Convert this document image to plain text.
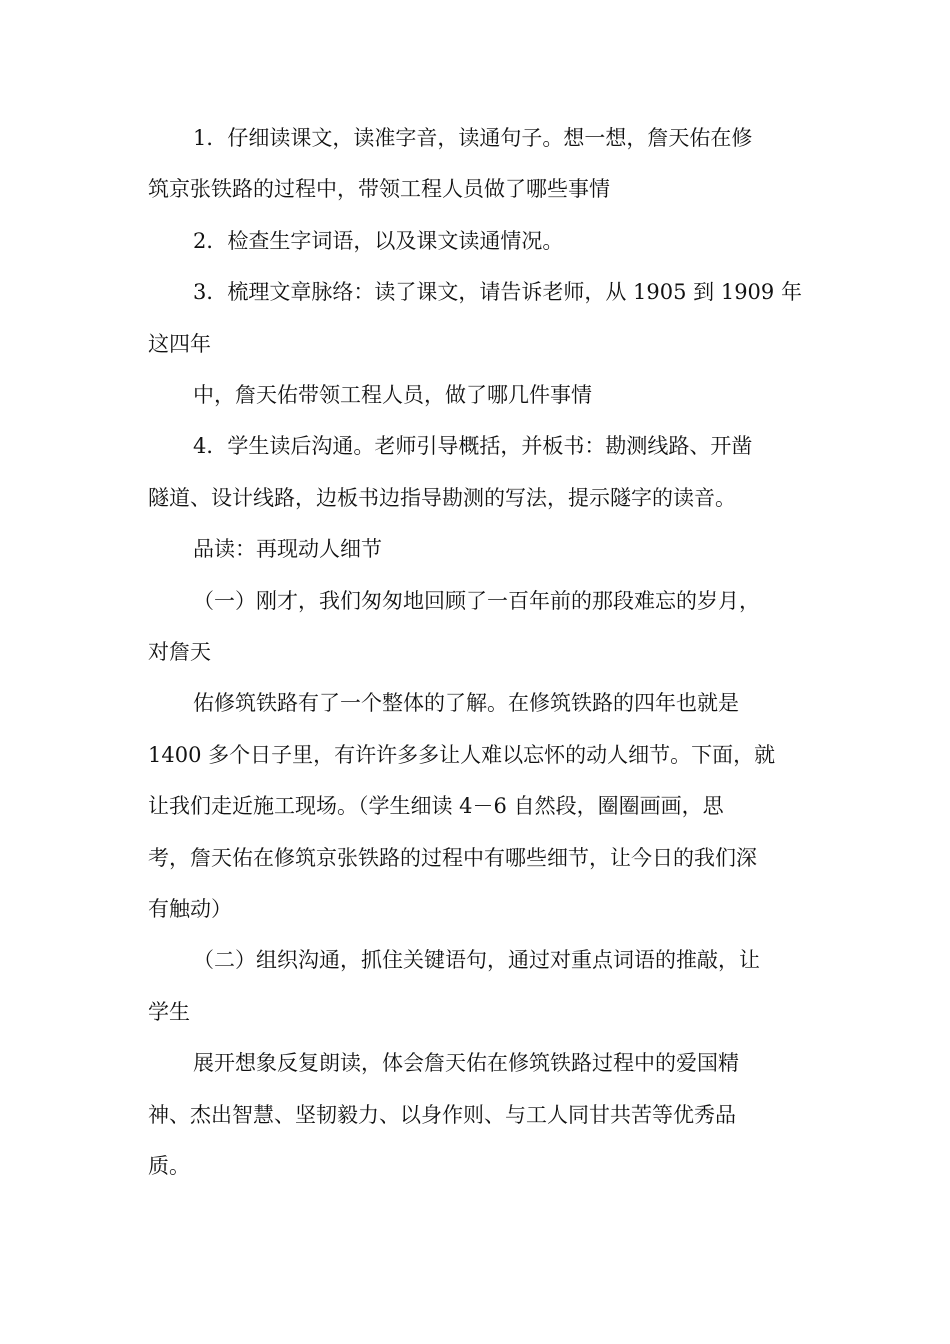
1．仔细读课文，读准字音，读通句子。想一想，詹天佑在修
筑京张铁路的过程中，带领工程人员做了哪些事情
2．检查生字词语，以及课文读通情况。
3．梳理文章脉络：读了课文，请告诉老师，从 1905 到 1909 年
这四年
中，詹天佑带领工程人员，做了哪几件事情
4．学生读后沟通。老师引导概括，并板书：勘测线路、开凿
隧道、设计线路，边板书边指导勘测的写法，提示隧字的读音。
品读：再现动人细节
（一）刚才，我们匆匆地回顾了一百年前的那段难忘的岁月，
对詹天
佑修筑铁路有了一个整体的了解。在修筑铁路的四年也就是
1400 多个日子里，有许许多多让人难以忘怀的动人细节。下面，就
让我们走近施工现场。（学生细读 4－6 自然段，圈圈画画，思
考，詹天佑在修筑京张铁路的过程中有哪些细节，让今日的我们深
有触动）
（二）组织沟通，抓住关键语句，通过对重点词语的推敲，让
学生
展开想象反复朗读，体会詹天佑在修筑铁路过程中的爱国精
神、杰出智慧、坚韧毅力、以身作则、与工人同甘共苦等优秀品
质。
